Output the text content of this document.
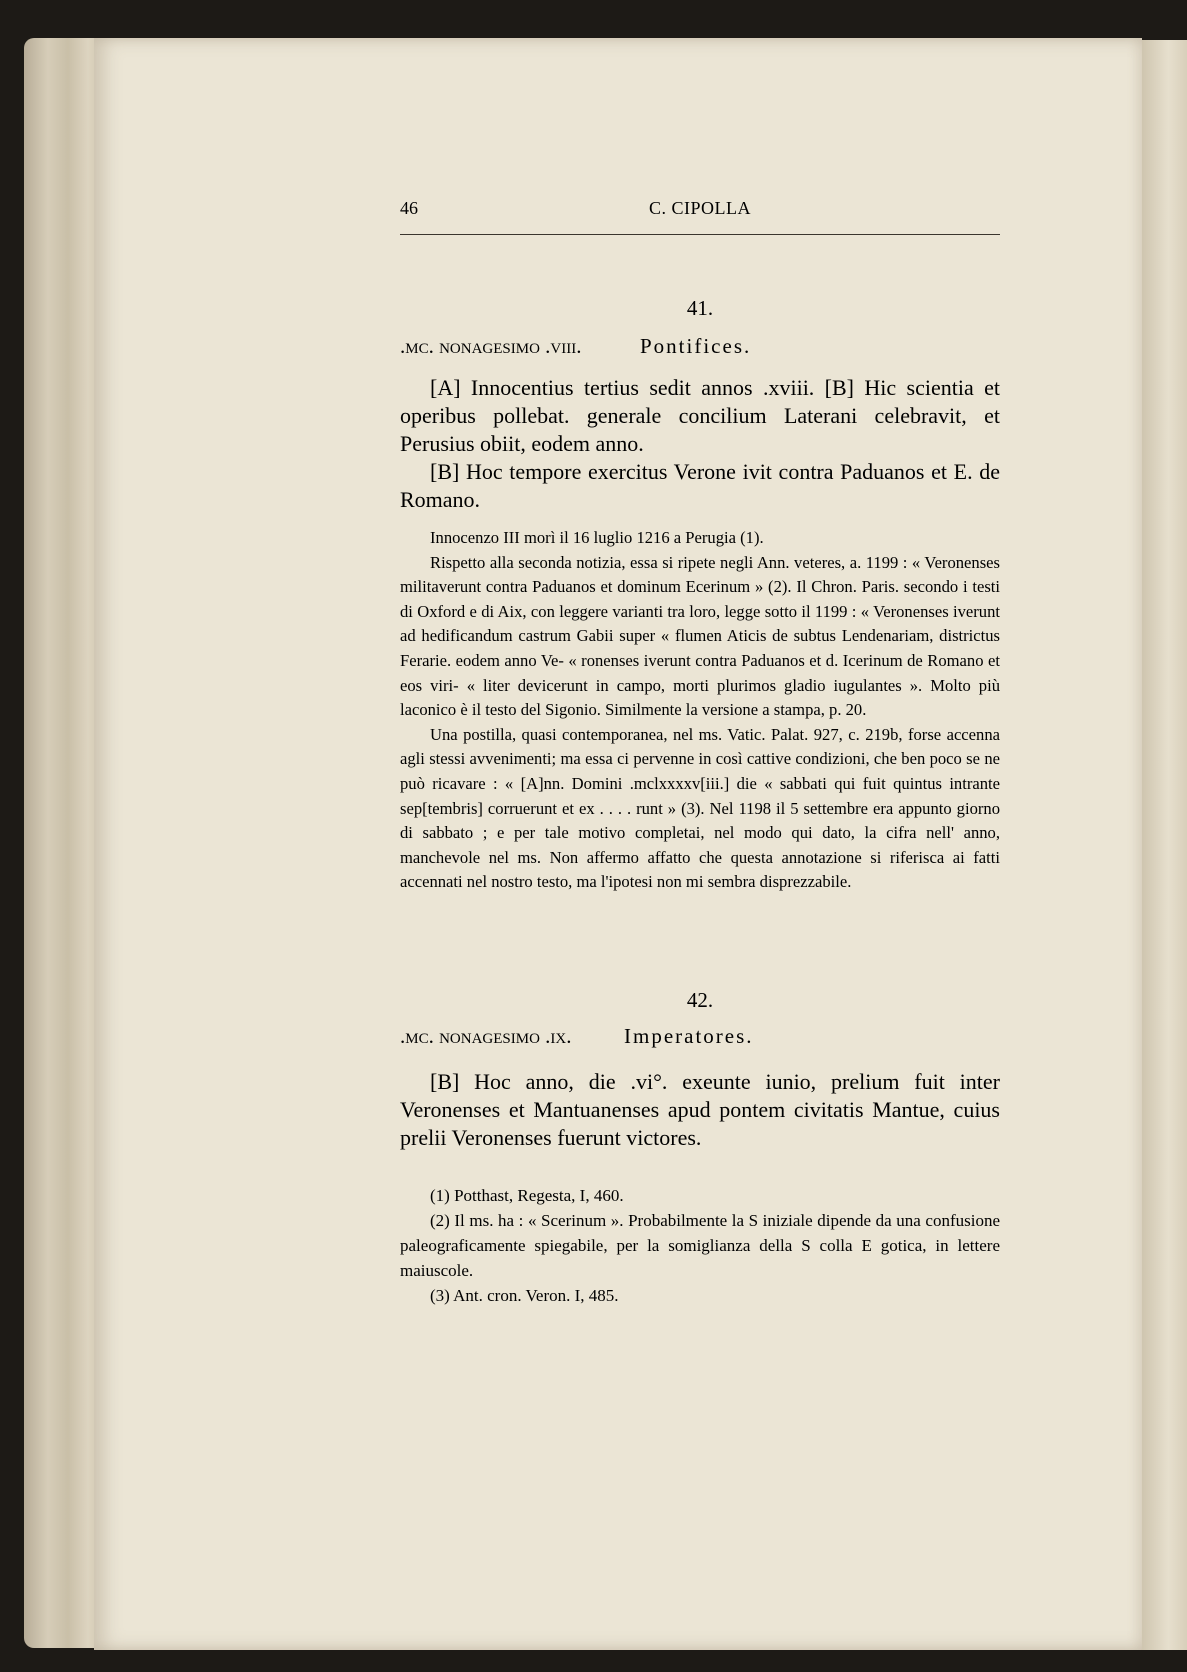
46	C. CIPOLLA
41.
.mc. nonagesimo .viii.	Pontifices.

[A] Innocentius tertius sedit annos .xviii. [B] Hic scientia et operibus pollebat. generale concilium Laterani celebravit, et Perusius obiit, eodem anno.

[B] Hoc tempore exercitus Verone ivit contra Paduanos et E. de Romano.

Innocenzo III morì il 16 luglio 1216 a Perugia (1).

Rispetto alla seconda notizia, essa si ripete negli Ann. veteres, a. 1199 : « Veronenses militaverunt contra Paduanos et dominum Ecerinum » (2). Il Chron. Paris. secondo i testi di Oxford e di Aix, con leggere varianti tra loro, legge sotto il 1199 : « Veronenses iverunt ad hedificandum castrum Gabii super « flumen Aticis de subtus Lendenariam, districtus Ferarie. eodem anno Ve- « ronenses iverunt contra Paduanos et d. Icerinum de Romano et eos viri- « liter devicerunt in campo, morti plurimos gladio iugulantes ». Molto più laconico è il testo del Sigonio. Similmente la versione a stampa, p. 20.

Una postilla, quasi contemporanea, nel ms. Vatic. Palat. 927, c. 219b, forse accenna agli stessi avvenimenti; ma essa ci pervenne in così cattive condizioni, che ben poco se ne può ricavare : « [A]nn. Domini .mclxxxxv[iii.] die « sabbati qui fuit quintus intrante sep[tembris] corruerunt et ex . . . . runt » (3). Nel 1198 il 5 settembre era appunto giorno di sabbato ; e per tale motivo completai, nel modo qui dato, la cifra nell' anno, manchevole nel ms. Non affermo affatto che questa annotazione si riferisca ai fatti accennati nel nostro testo, ma l'ipotesi non mi sembra disprezzabile.

42.
.mc. nonagesimo .ix. Imperatores.

[B] Hoc anno, die .vi°. exeunte iunio, prelium fuit inter Veronenses et Mantuanenses apud pontem civitatis Mantue, cuius prelii Veronenses fuerunt victores.

(1) Potthast, Regesta, I, 460.

(2) Il ms. ha : « Scerinum ». Probabilmente la S iniziale dipende da una confusione paleograficamente spiegabile, per la somiglianza della S colla E gotica, in lettere maiuscole.

(3) Ant. cron. Veron. I, 485.
